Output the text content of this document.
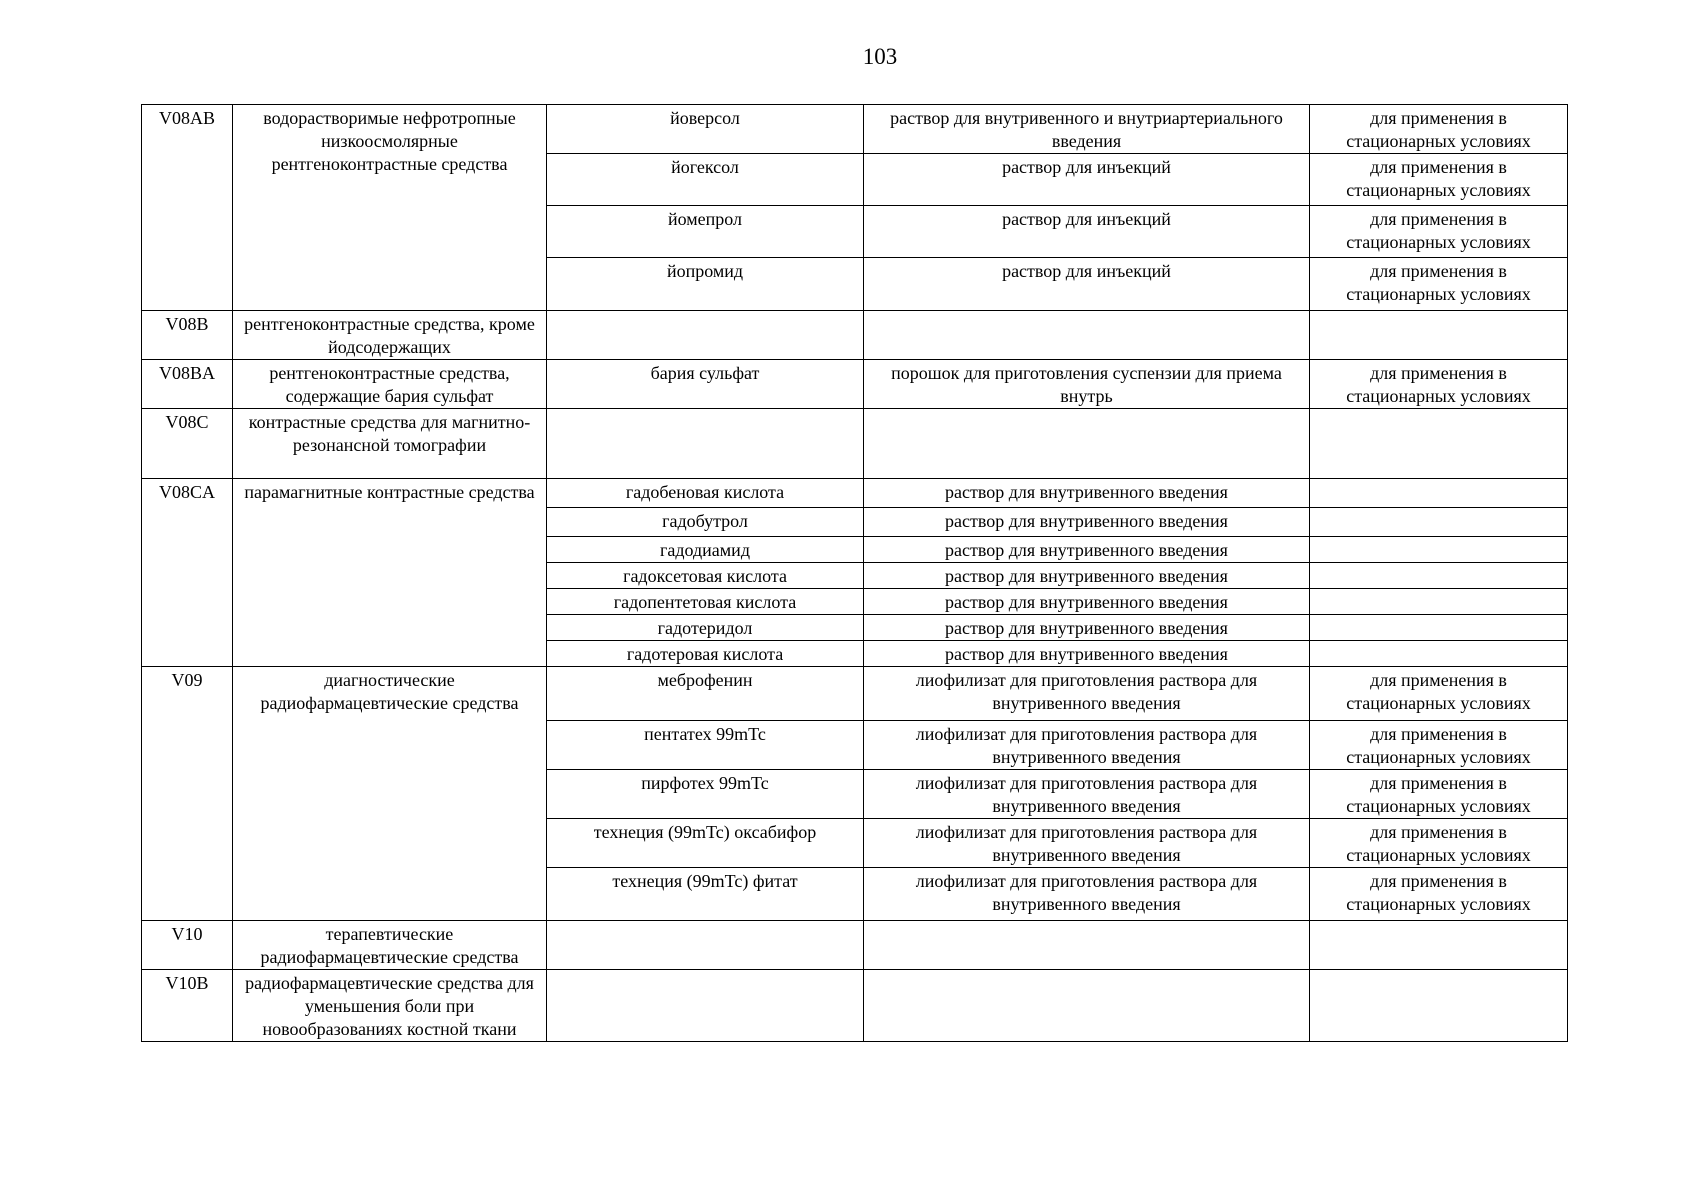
103
V08AB	водорастворимые нефротропные низкоосмолярные рентгеноконтрастные средства	йоверсол	раствор для внутривенного и внутриартериального введения	для применения в стационарных условиях
		йогексол	раствор для инъекций	для применения в стационарных условиях
		йомепрол	раствор для инъекций	для применения в стационарных условиях
		йопромид	раствор для инъекций	для применения в стационарных условиях
V08B	рентгеноконтрастные средства, кроме йодсодержащих			
V08BA	рентгеноконтрастные средства, содержащие бария сульфат	бария сульфат	порошок для приготовления суспензии для приема внутрь	для применения в стационарных условиях
V08C	контрастные средства для магнитно-резонансной томографии			
V08CA	парамагнитные контрастные средства	гадобеновая кислота	раствор для внутривенного введения	
		гадобутрол	раствор для внутривенного введения	
		гадодиамид	раствор для внутривенного введения	
		гадоксетовая кислота	раствор для внутривенного введения	
		гадопентетовая кислота	раствор для внутривенного введения	
		гадотеридол	раствор для внутривенного введения	
		гадотеровая кислота	раствор для внутривенного введения	
V09	диагностические радиофармацевтические средства	меброфенин	лиофилизат для приготовления раствора для внутривенного введения	для применения в стационарных условиях
		пентатех 99mTc	лиофилизат для приготовления раствора для внутривенного введения	для применения в стационарных условиях
		пирфотех 99mTc	лиофилизат для приготовления раствора для внутривенного введения	для применения в стационарных условиях
		технеция (99mTc) оксабифор	лиофилизат для приготовления раствора для внутривенного введения	для применения в стационарных условиях
		технеция (99mTc) фитат	лиофилизат для приготовления раствора для внутривенного введения	для применения в стационарных условиях
V10	терапевтические радиофармацевтические средства			
V10B	радиофармацевтические средства для уменьшения боли при новообразованиях костной ткани			
